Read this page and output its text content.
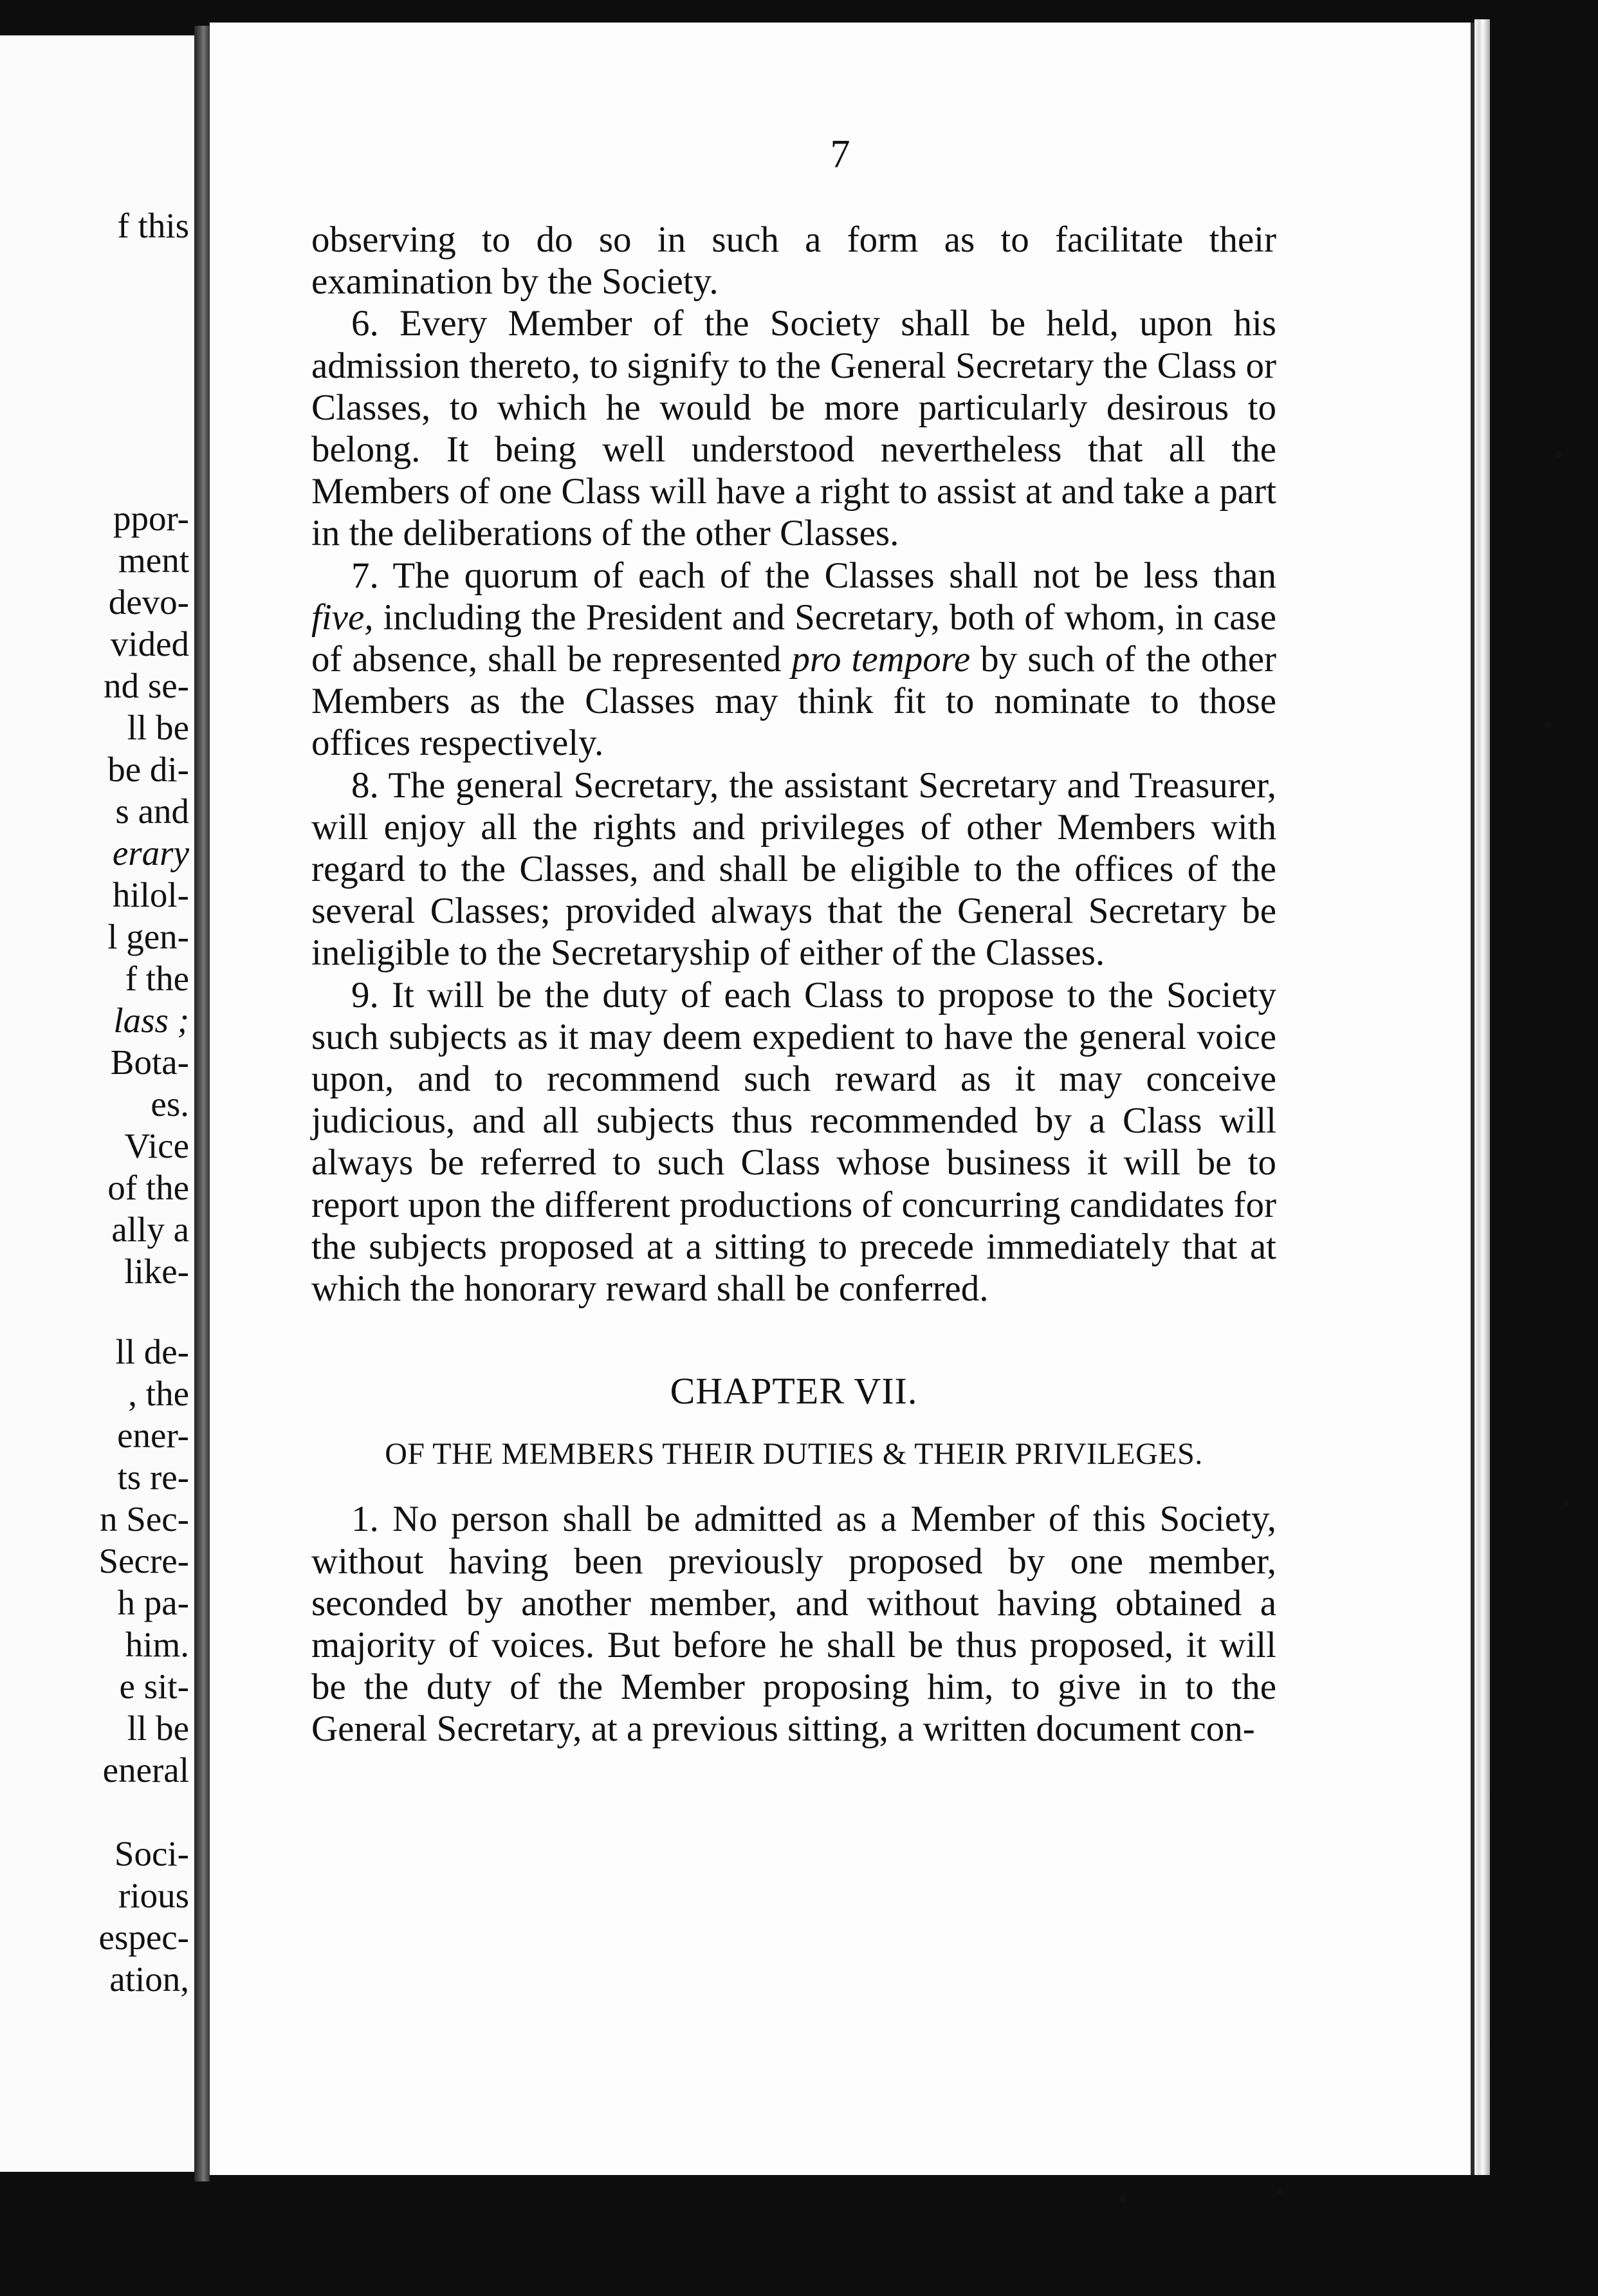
f this
ppor-
ment
devo-
vided
nd se-
ll be
be di-
s and
erary
hilol-
l gen-
f the
lass ;
Bota-
es.
Vice
of the
ally a
like-
ll de-
, the
ener-
ts re-
n Sec-
Secre-
h pa-
him.
e sit-
ll be
eneral
Soci-
rious
espec-
ation,
7

observing to do so in such a form as to facilitate their examination by the Society.

6. Every Member of the Society shall be held, upon his admission thereto, to signify to the General Secretary the Class or Classes, to which he would be more particularly desirous to belong. It being well understood nevertheless that all the Members of one Class will have a right to assist at and take a part in the deliberations of the other Classes.

7. The quorum of each of the Classes shall not be less than five, including the President and Secretary, both of whom, in case of absence, shall be represented pro tempore by such of the other Members as the Classes may think fit to nominate to those offices respectively.

8. The general Secretary, the assistant Secretary and Treasurer, will enjoy all the rights and privileges of other Members with regard to the Classes, and shall be eligible to the offices of the several Classes; provided always that the General Secretary be ineligible to the Secretaryship of either of the Classes.

9. It will be the duty of each Class to propose to the Society such subjects as it may deem expedient to have the general voice upon, and to recommend such reward as it may conceive judicious, and all subjects thus recommended by a Class will always be referred to such Class whose business it will be to report upon the different productions of concurring candidates for the subjects proposed at a sitting to precede immediately that at which the honorary reward shall be conferred.

CHAPTER VII.
OF THE MEMBERS THEIR DUTIES & THEIR PRIVILEGES.

1. No person shall be admitted as a Member of this Society, without having been previously proposed by one member, seconded by another member, and without having obtained a majority of voices. But before he shall be thus proposed, it will be the duty of the Member proposing him, to give in to the General Secretary, at a previous sitting, a written document con-
